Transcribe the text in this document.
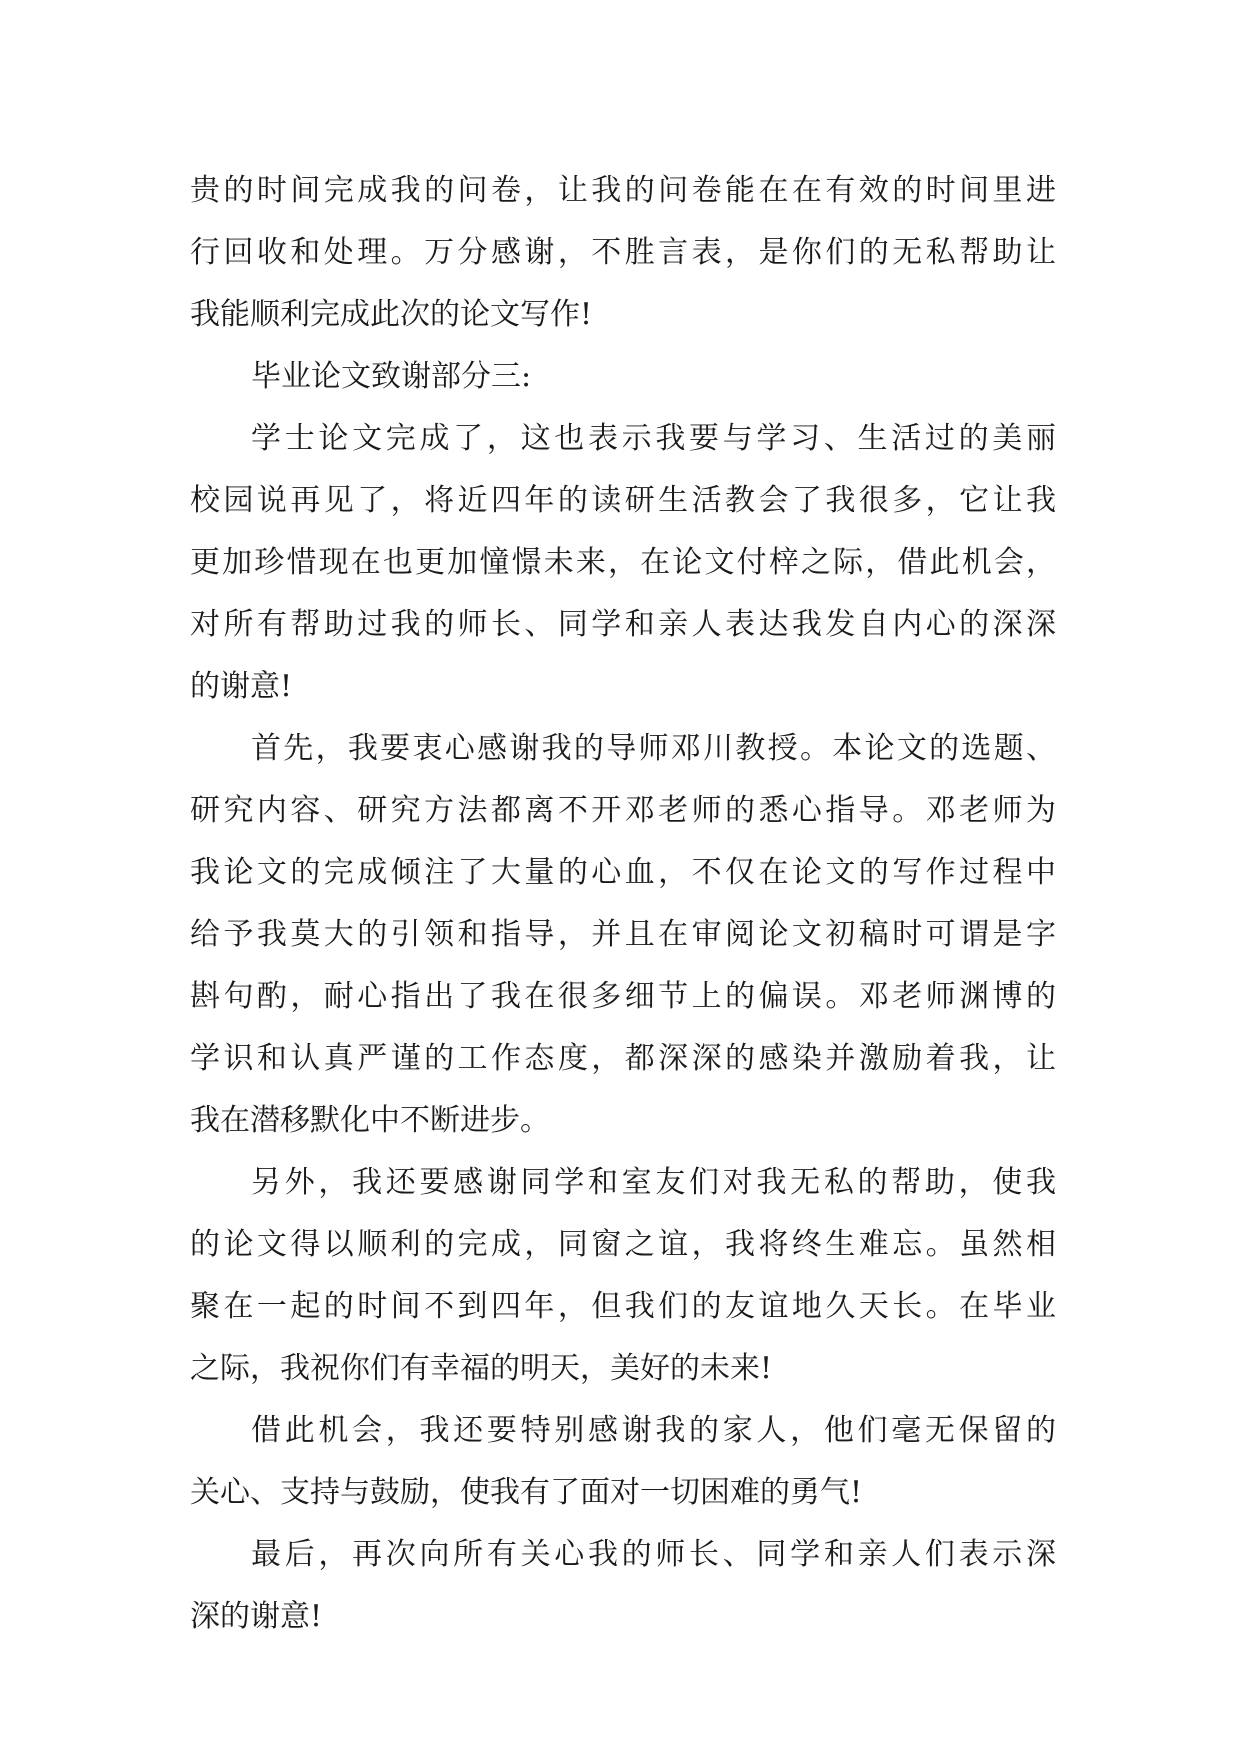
贵的时间完成我的问卷，让我的问卷能在在有效的时间里进
行回收和处理。万分感谢，不胜言表，是你们的无私帮助让
我能顺利完成此次的论文写作!
毕业论文致谢部分三:
学士论文完成了，这也表示我要与学习、生活过的美丽
校园说再见了，将近四年的读研生活教会了我很多，它让我
更加珍惜现在也更加憧憬未来，在论文付梓之际，借此机会，
对所有帮助过我的师长、同学和亲人表达我发自内心的深深
的谢意!
首先，我要衷心感谢我的导师邓川教授。本论文的选题、
研究内容、研究方法都离不开邓老师的悉心指导。邓老师为
我论文的完成倾注了大量的心血，不仅在论文的写作过程中
给予我莫大的引领和指导，并且在审阅论文初稿时可谓是字
斟句酌，耐心指出了我在很多细节上的偏误。邓老师渊博的
学识和认真严谨的工作态度，都深深的感染并激励着我，让
我在潜移默化中不断进步。
另外，我还要感谢同学和室友们对我无私的帮助，使我
的论文得以顺利的完成，同窗之谊，我将终生难忘。虽然相
聚在一起的时间不到四年，但我们的友谊地久天长。在毕业
之际，我祝你们有幸福的明天，美好的未来!
借此机会，我还要特别感谢我的家人，他们毫无保留的
关心、支持与鼓励，使我有了面对一切困难的勇气!
最后，再次向所有关心我的师长、同学和亲人们表示深
深的谢意!
